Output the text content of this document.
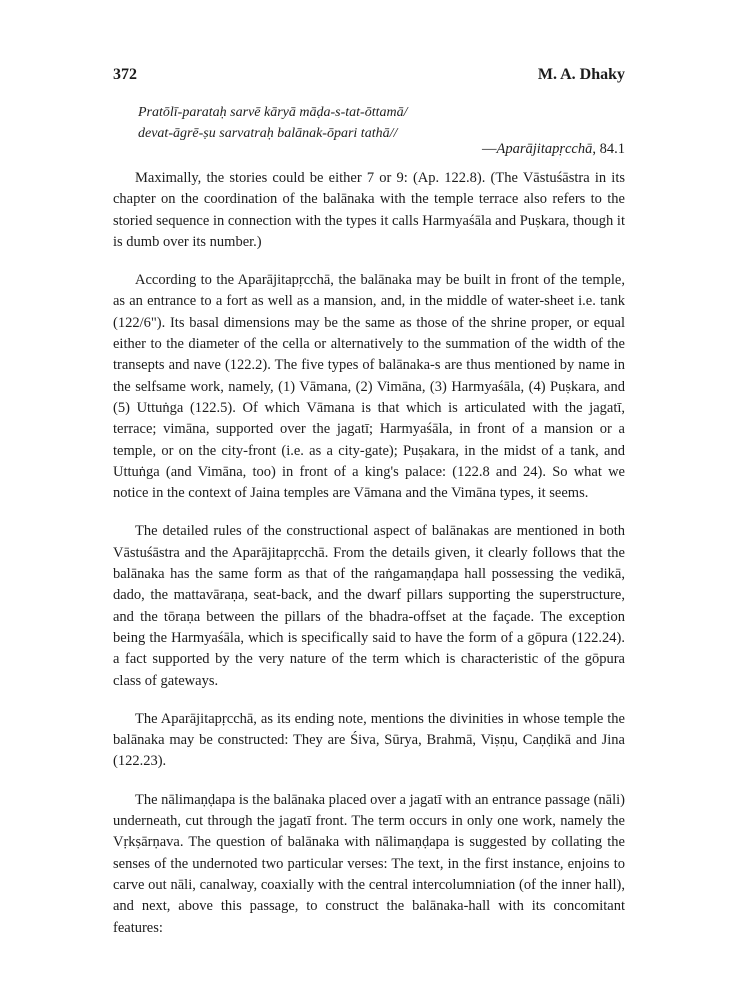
372	M. A. Dhaky
Pratōlī-parataḥ sarvē kāryā māḍa-s-tat-ōttamā/
devat-āgrē-ṣu sarvatraḥ balānak-ōpari tathā//
—Aparājitapṛcchā, 84.1

Maximally, the stories could be either 7 or 9: (Ap. 122.8). (The Vāstuśāstra in its chapter on the coordination of the balānaka with the temple terrace also refers to the storied sequence in connection with the types it calls Harmyaśāla and Puṣkara, though it is dumb over its number.)

According to the Aparājitapṛcchā, the balānaka may be built in front of the temple, as an entrance to a fort as well as a mansion, and, in the middle of water-sheet i.e. tank (122/6"). Its basal dimensions may be the same as those of the shrine proper, or equal either to the diameter of the cella or alternatively to the summation of the width of the transepts and nave (122.2). The five types of balānaka-s are thus mentioned by name in the selfsame work, namely, (1) Vāmana, (2) Vimāna, (3) Harmyaśāla, (4) Puṣkara, and (5) Uttuṅga (122.5). Of which Vāmana is that which is articulated with the jagatī, terrace; vimāna, supported over the jagatī; Harmyaśāla, in front of a mansion or a temple, or on the city-front (i.e. as a city-gate); Puṣakara, in the midst of a tank, and Uttuṅga (and Vimāna, too) in front of a king's palace: (122.8 and 24). So what we notice in the context of Jaina temples are Vāmana and the Vimāna types, it seems.

The detailed rules of the constructional aspect of balānakas are mentioned in both Vāstuśāstra and the Aparājitapṛcchā. From the details given, it clearly follows that the balānaka has the same form as that of the raṅgamaṇḍapa hall possessing the vedikā, dado, the mattavāraṇa, seat-back, and the dwarf pillars supporting the superstructure, and the tōraṇa between the pillars of the bhadra-offset at the façade. The exception being the Harmyaśāla, which is specifically said to have the form of a gōpura (122.24). a fact supported by the very nature of the term which is characteristic of the gōpura class of gateways.

The Aparājitapṛcchā, as its ending note, mentions the divinities in whose temple the balānaka may be constructed: They are Śiva, Sūrya, Brahmā, Viṣṇu, Caṇḍikā and Jina (122.23).

The nālimaṇḍapa is the balānaka placed over a jagatī with an entrance passage (nāli) underneath, cut through the jagatī front. The term occurs in only one work, namely the Vṛkṣārṇava. The question of balānaka with nālimaṇḍapa is suggested by collating the senses of the undernoted two particular verses: The text, in the first instance, enjoins to carve out nāli, canalway, coaxially with the central intercolumniation (of the inner hall), and next, above this passage, to construct the balānaka-hall with its concomitant features:
